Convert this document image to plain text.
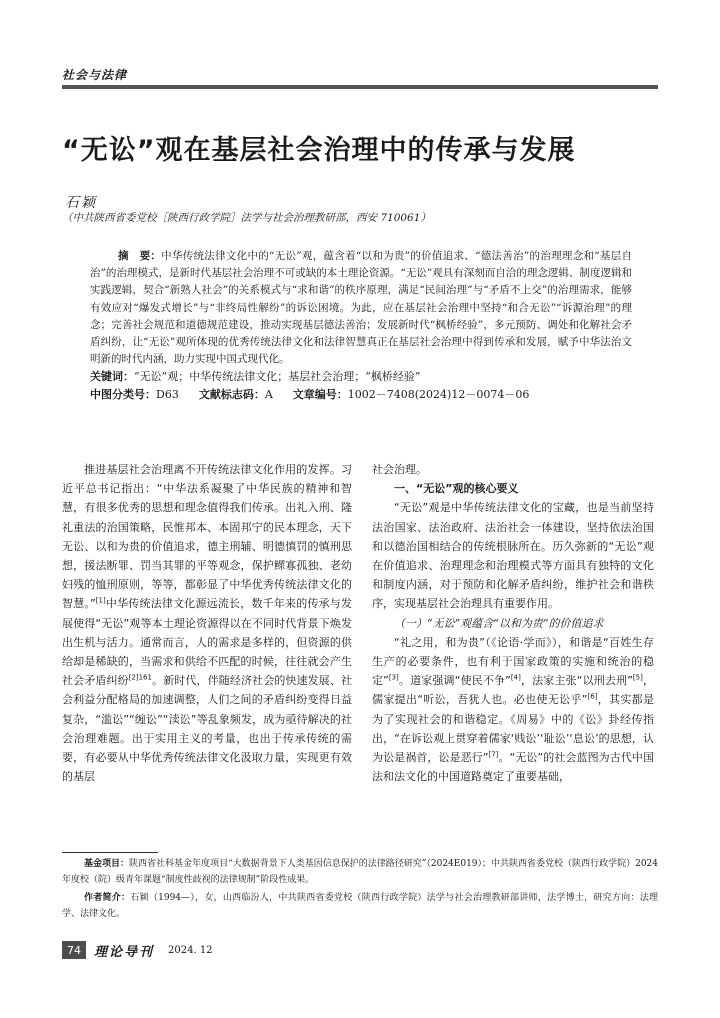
社会与法律
“无讼”观在基层社会治理中的传承与发展
石颖
（中共陕西省委党校［陕西行政学院］法学与社会治理教研部，西安 710061）

摘　要：中华传统法律文化中的“无讼”观，蕴含着“以和为贵”的价值追求、“德法善治”的治理理念和“基层自治”的治理模式，是新时代基层社会治理不可或缺的本土理论资源。“无讼”观具有深刻而自洽的理念逻辑、制度逻辑和实践逻辑，契合“新熟人社会”的关系模式与“求和谐”的秩序原理，满足“民间治理”与“矛盾不上交”的治理需求，能够有效应对“爆发式增长”与“非终局性解纷”的诉讼困境。为此，应在基层社会治理中坚持“和合无讼”“诉源治理”的理念；完善社会规范和道德规范建设，推动实现基层德法善治；发展新时代“枫桥经验”，多元预防、调处和化解社会矛盾纠纷，让“无讼”观所体现的优秀传统法律文化和法律智慧真正在基层社会治理中得到传承和发展，赋予中华法治文明新的时代内涵，助力实现中国式现代化。

关键词：“无讼”观；中华传统法律文化；基层社会治理；“枫桥经验”

中图分类号：D63 文献标志码：A 文章编号：1002－7408(2024)12－0074－06

推进基层社会治理离不开传统法律文化作用的发挥。习近平总书记指出：“中华法系凝聚了中华民族的精神和智慧，有很多优秀的思想和理念值得我们传承。出礼入刑、隆礼重法的治国策略，民惟邦本、本固邦宁的民本理念，天下无讼、以和为贵的价值追求，德主刑辅、明德慎罚的慎刑思想，援法断罪、罚当其罪的平等观念，保护鳏寡孤独、老幼妇残的恤刑原则，等等，都彰显了中华优秀传统法律文化的智慧。”[1]中华传统法律文化源远流长，数千年来的传承与发展使得“无讼”观等本土理论资源得以在不同时代背景下焕发出生机与活力。通常而言，人的需求是多样的，但资源的供给却是稀缺的，当需求和供给不匹配的时候，往往就会产生社会矛盾纠纷$^{[2]161}$。新时代，伴随经济社会的快速发展、社会利益分配格局的加速调整，人们之间的矛盾纠纷变得日益复杂，“滥讼”“缠讼”“渎讼”等乱象频发，成为亟待解决的社会治理难题。出于实用主义的考量，也出于传承传统的需要，有必要从中华优秀传统法律文化汲取力量，实现更有效的基层

社会治理。

一、“无讼”观的核心要义

“无讼”观是中华传统法律文化的宝藏，也是当前坚持法治国家、法治政府、法治社会一体建设，坚持依法治国和以德治国相结合的传统根脉所在。历久弥新的“无讼”观在价值追求、治理理念和治理模式等方面具有独特的文化和制度内涵，对于预防和化解矛盾纠纷，维护社会和谐秩序，实现基层社会治理具有重要作用。

（一）“无讼”观蕴含“以和为贵”的价值追求

“礼之用，和为贵”（《论语·学而》），和谐是“百姓生存生产的必要条件，也有利于国家政策的实施和统治的稳定”[3]。道家强调“使民不争”[4]，法家主张“以刑去刑”[5]，儒家提出“听讼，吾犹人也。必也使无讼乎”[6]，其实都是为了实现社会的和谐稳定。《周易》中的《讼》卦经传指出，“在诉讼观上贯穿着儒家‘贱讼’‘耻讼’‘息讼’的思想，认为讼是祸首，讼是恶行”[7]。“无讼”的社会蓝图为古代中国法和法文化的中国道路奠定了重要基础，

基金项目：陕西省社科基金年度项目“大数据背景下人类基因信息保护的法律路径研究”（2024E019）；中共陕西省委党校（陕西行政学院）2024年度校（院）级青年课题“制度性歧视的法律规制”阶段性成果。

作者简介：石颖（1994—），女，山西临汾人，中共陕西省委党校（陕西行政学院）法学与社会治理教研部讲师，法学博士，研究方向：法理学、法律文化。

74	理论导刊 2024. 12
